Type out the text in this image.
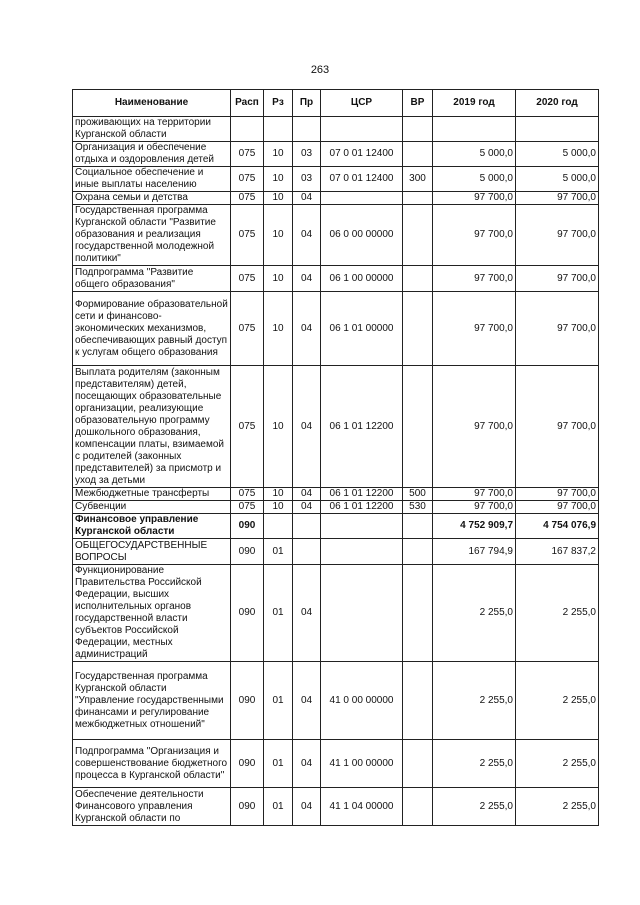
263
Наименование	Расп	Рз	Пр	ЦСР	ВР	2019 год	2020 год
проживающих на территории Курганской области							
Организация и обеспечение отдыха и оздоровления детей	075	10	03	07 0 01 12400		5 000,0	5 000,0
Социальное обеспечение и иные выплаты населению	075	10	03	07 0 01 12400	300	5 000,0	5 000,0
Охрана семьи и детства	075	10	04			97 700,0	97 700,0
Государственная программа Курганской области "Развитие образования и реализация государственной молодежной политики"	075	10	04	06 0 00 00000		97 700,0	97 700,0
Подпрограмма "Развитие общего образования"	075	10	04	06 1 00 00000		97 700,0	97 700,0
Формирование образовательной сети и финансово-экономических механизмов, обеспечивающих равный доступ к услугам общего образования	075	10	04	06 1 01 00000		97 700,0	97 700,0
Выплата родителям (законным представителям) детей, посещающих образовательные организации, реализующие образовательную программу дошкольного образования, компенсации платы, взимаемой с родителей (законных представителей) за присмотр и уход за детьми	075	10	04	06 1 01 12200		97 700,0	97 700,0
Межбюджетные трансферты	075	10	04	06 1 01 12200	500	97 700,0	97 700,0
Субвенции	075	10	04	06 1 01 12200	530	97 700,0	97 700,0
Финансовое управление Курганской области	090					4 752 909,7	4 754 076,9
ОБЩЕГОСУДАРСТВЕННЫЕ ВОПРОСЫ	090	01				167 794,9	167 837,2
Функционирование Правительства Российской Федерации, высших исполнительных органов государственной власти субъектов Российской Федерации, местных администраций	090	01	04			2 255,0	2 255,0
Государственная программа Курганской области "Управление государственными финансами и регулирование межбюджетных отношений"	090	01	04	41 0 00 00000		2 255,0	2 255,0
Подпрограмма "Организация и совершенствование бюджетного процесса в Курганской области"	090	01	04	41 1 00 00000		2 255,0	2 255,0
Обеспечение деятельности Финансового управления Курганской области по	090	01	04	41 1 04 00000		2 255,0	2 255,0
